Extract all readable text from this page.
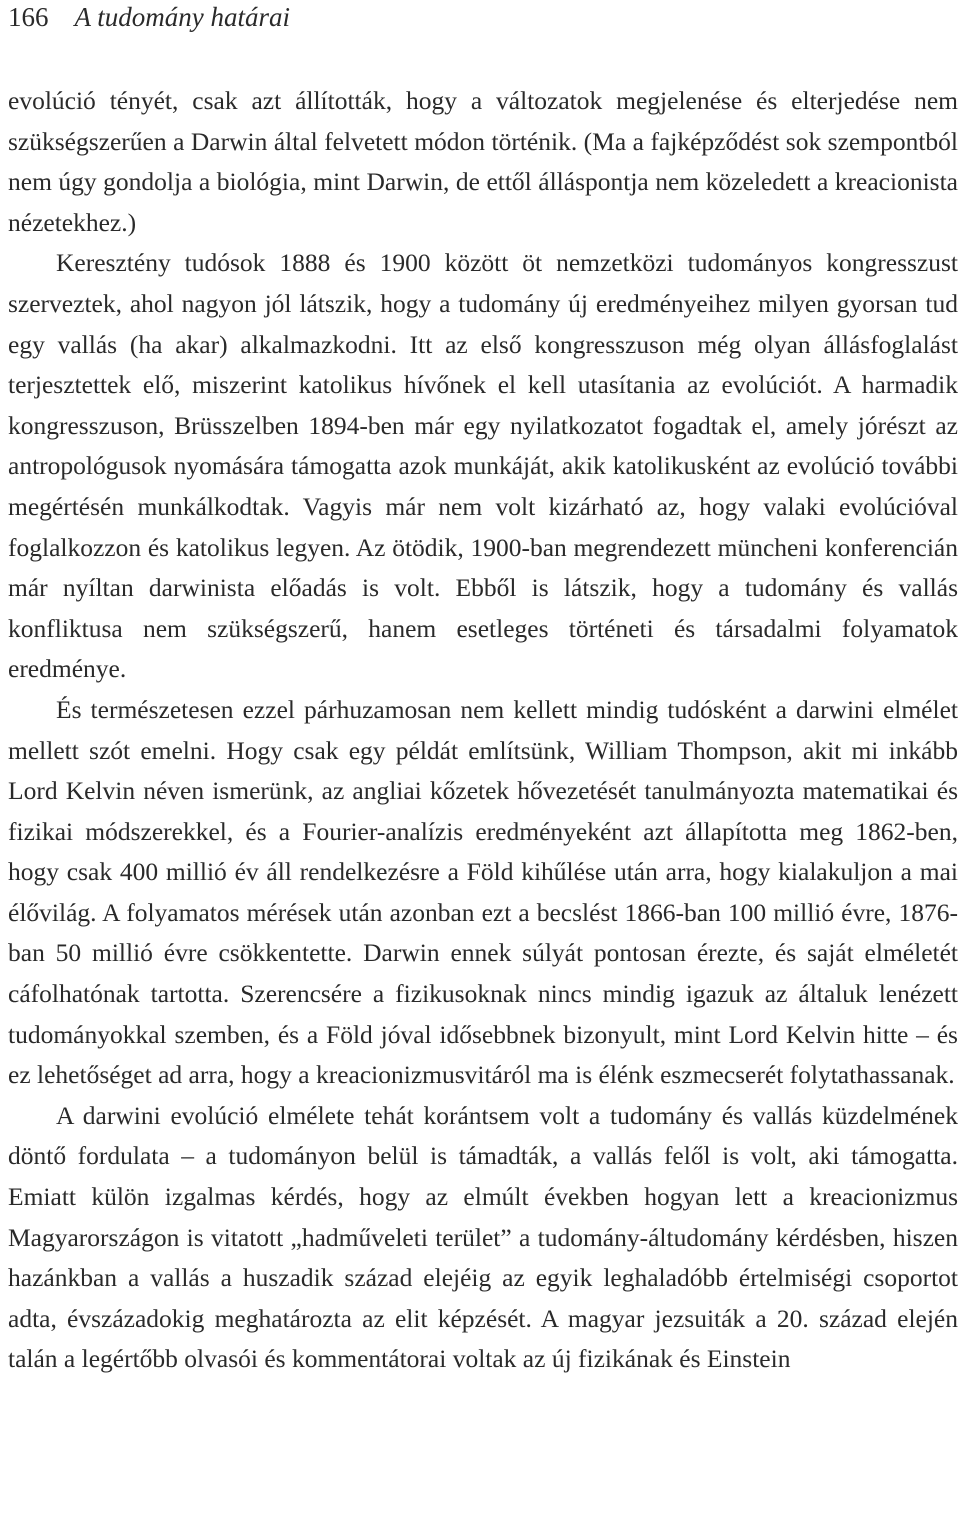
166 A tudomány határai

evolúció tényét, csak azt állították, hogy a változatok megjelenése és elterjedése nem szükségszerűen a Darwin által felvetett módon történik. (Ma a fajképződést sok szempontból nem úgy gondolja a biológia, mint Darwin, de ettől álláspontja nem közeledett a kreacionista nézetekhez.)

Keresztény tudósok 1888 és 1900 között öt nemzetközi tudományos kongresszust szerveztek, ahol nagyon jól látszik, hogy a tudomány új eredményeihez milyen gyorsan tud egy vallás (ha akar) alkalmazkodni. Itt az első kongresszuson még olyan állásfoglalást terjesztettek elő, miszerint katolikus hívőnek el kell utasítania az evolúciót. A harmadik kongresszuson, Brüsszelben 1894-ben már egy nyilatkozatot fogadtak el, amely jórészt az antropológusok nyomására támogatta azok munkáját, akik katolikusként az evolúció további megértésén munkálkodtak. Vagyis már nem volt kizárható az, hogy valaki evolúcióval foglalkozzon és katolikus legyen. Az ötödik, 1900-ban megrendezett müncheni konferencián már nyíltan darwinista előadás is volt. Ebből is látszik, hogy a tudomány és vallás konfliktusa nem szükségszerű, hanem esetleges történeti és társadalmi folyamatok eredménye.

És természetesen ezzel párhuzamosan nem kellett mindig tudósként a darwini elmélet mellett szót emelni. Hogy csak egy példát említsünk, William Thompson, akit mi inkább Lord Kelvin néven ismerünk, az angliai kőzetek hővezetését tanulmányozta matematikai és fizikai módszerekkel, és a Fourier-analízis eredményeként azt állapította meg 1862-ben, hogy csak 400 millió év áll rendelkezésre a Föld kihűlése után arra, hogy kialakuljon a mai élővilág. A folyamatos mérések után azonban ezt a becslést 1866-ban 100 millió évre, 1876-ban 50 millió évre csökkentette. Darwin ennek súlyát pontosan érezte, és saját elméletét cáfolhatónak tartotta. Szerencsére a fizikusoknak nincs mindig igazuk az általuk lenézett tudományokkal szemben, és a Föld jóval idősebbnek bizonyult, mint Lord Kelvin hitte – és ez lehetőséget ad arra, hogy a kreacionizmusvitáról ma is élénk eszmecserét folytathassanak.

A darwini evolúció elmélete tehát korántsem volt a tudomány és vallás küzdelmének döntő fordulata – a tudományon belül is támadták, a vallás felől is volt, aki támogatta. Emiatt külön izgalmas kérdés, hogy az elmúlt években hogyan lett a kreacionizmus Magyarországon is vitatott „hadműveleti terület” a tudomány-áltudomány kérdésben, hiszen hazánkban a vallás a huszadik század elejéig az egyik leghaladóbb értelmiségi csoportot adta, évszázadokig meghatározta az elit képzését. A magyar jezsuiták a 20. század elején talán a legértőbb olvasói és kommentátorai voltak az új fizikának és Einstein
